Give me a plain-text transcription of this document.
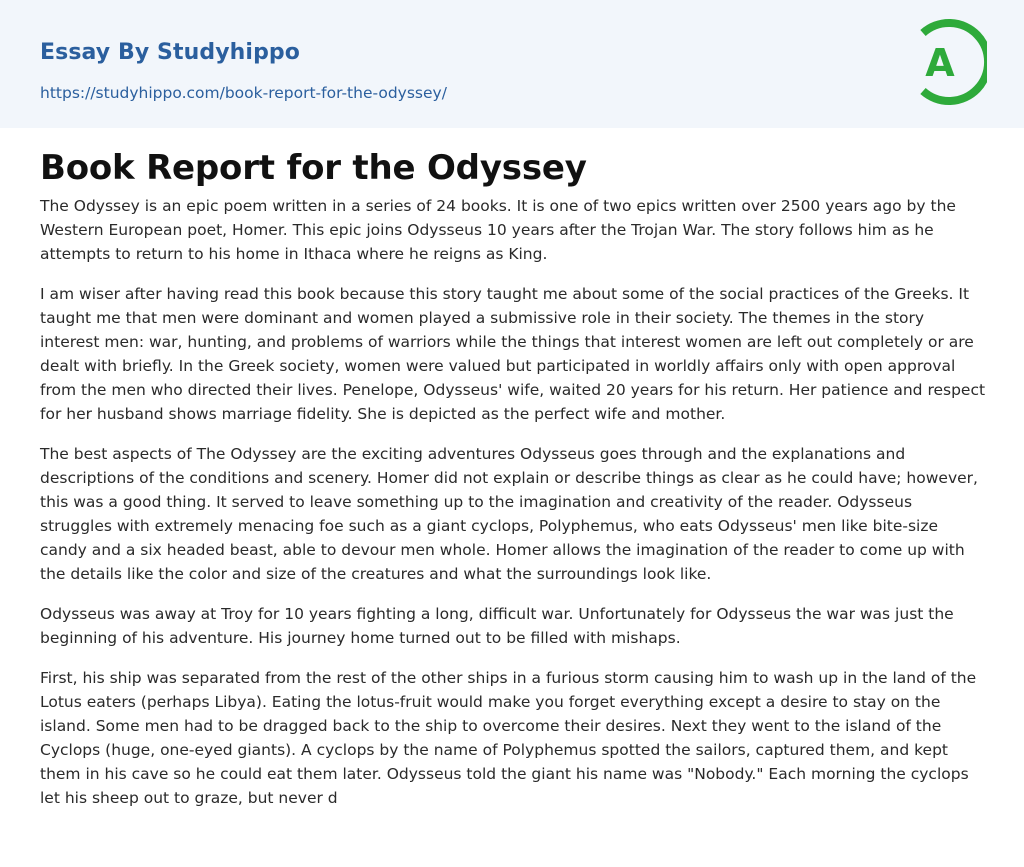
Essay By Studyhippo
https://studyhippo.com/book-report-for-the-odyssey/
A
Book Report for the Odyssey

The Odyssey is an epic poem written in a series of 24 books. It is one of two epics written over 2500 years ago by the Western European poet, Homer. This epic joins Odysseus 10 years after the Trojan War. The story follows him as he attempts to return to his home in Ithaca where he reigns as King.

I am wiser after having read this book because this story taught me about some of the social practices of the Greeks. It taught me that men were dominant and women played a submissive role in their society. The themes in the story interest men: war, hunting, and problems of warriors while the things that interest women are left out completely or are dealt with briefly. In the Greek society, women were valued but participated in worldly affairs only with open approval from the men who directed their lives. Penelope, Odysseus' wife, waited 20 years for his return. Her patience and respect for her husband shows marriage fidelity. She is depicted as the perfect wife and mother.

The best aspects of The Odyssey are the exciting adventures Odysseus goes through and the explanations and descriptions of the conditions and scenery. Homer did not explain or describe things as clear as he could have; however, this was a good thing. It served to leave something up to the imagination and creativity of the reader. Odysseus struggles with extremely menacing foe such as a giant cyclops, Polyphemus, who eats Odysseus' men like bite-size candy and a six headed beast, able to devour men whole. Homer allows the imagination of the reader to come up with the details like the color and size of the creatures and what the surroundings look like.

Odysseus was away at Troy for 10 years fighting a long, difficult war. Unfortunately for Odysseus the war was just the beginning of his adventure. His journey home turned out to be filled with mishaps.

First, his ship was separated from the rest of the other ships in a furious storm causing him to wash up in the land of the Lotus eaters (perhaps Libya). Eating the lotus-fruit would make you forget everything except a desire to stay on the island. Some men had to be dragged back to the ship to overcome their desires. Next they went to the island of the Cyclops (huge, one-eyed giants). A cyclops by the name of Polyphemus spotted the sailors, captured them, and kept them in his cave so he could eat them later. Odysseus told the giant his name was "Nobody." Each morning the cyclops let his sheep out to graze, but never d
